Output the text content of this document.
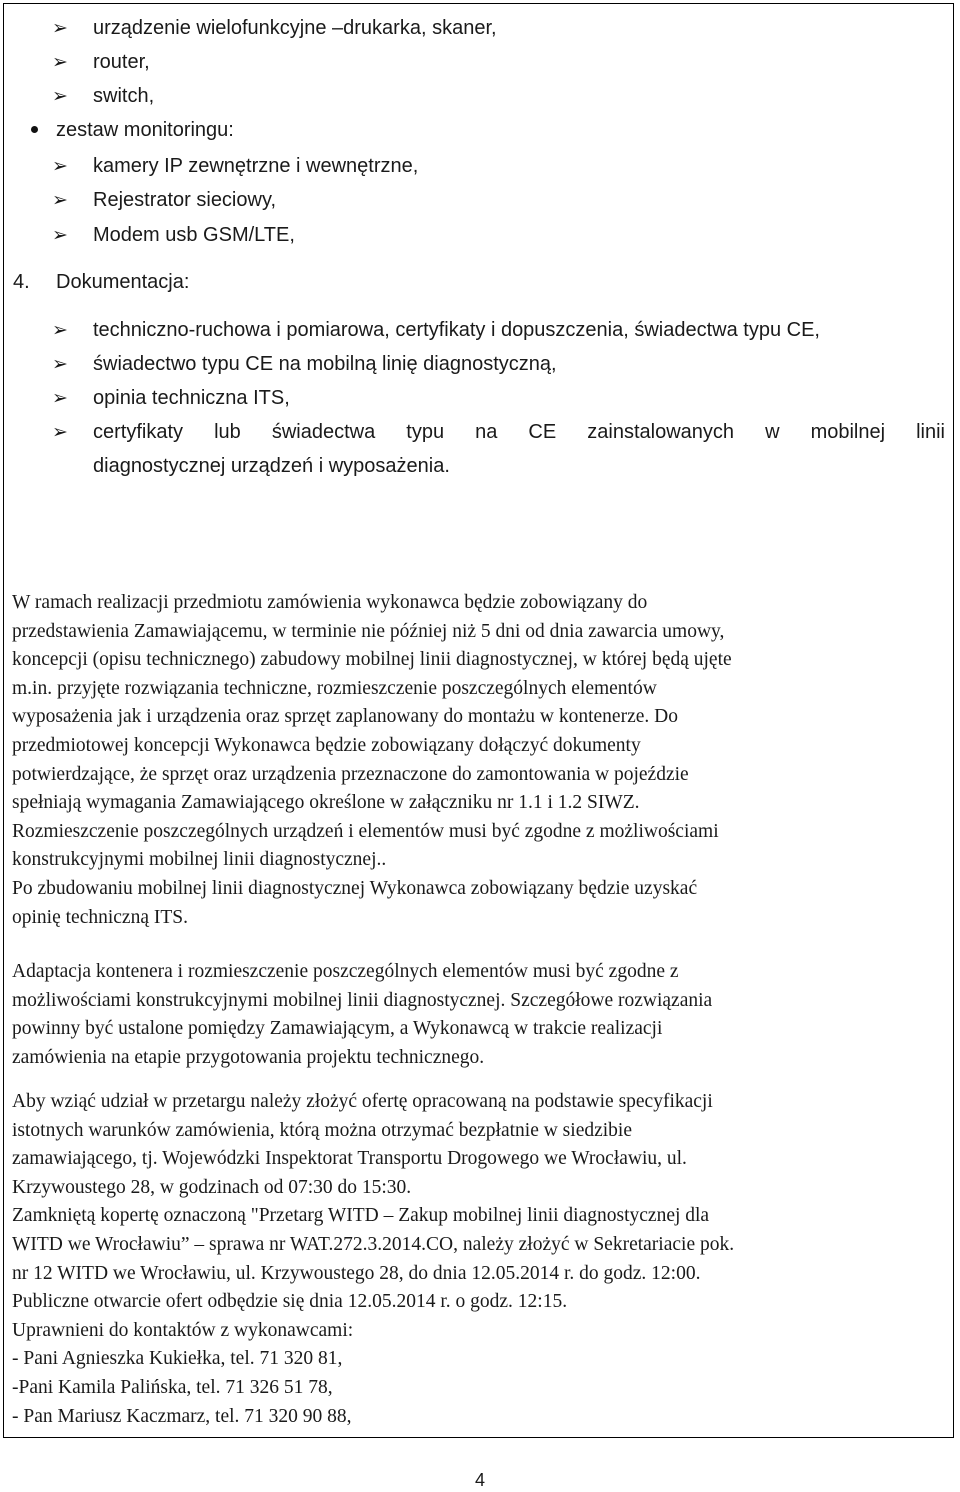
➢ urządzenie wielofunkcyjne –drukarka, skaner,
➢ router,
➢ switch,
zestaw monitoringu:
➢ kamery IP zewnętrzne i wewnętrzne,
➢ Rejestrator sieciowy,
➢ Modem usb GSM/LTE,
4. Dokumentacja:
➢ techniczno-ruchowa i pomiarowa, certyfikaty i dopuszczenia, świadectwa typu CE,
➢ świadectwo typu CE na mobilną linię diagnostyczną,
➢ opinia techniczna ITS,
➢ certyfikaty lub świadectwa typu na CE zainstalowanych w mobilnej linii
diagnostycznej urządzeń i wyposażenia.
W ramach realizacji przedmiotu zamówienia wykonawca będzie zobowiązany do
przedstawienia Zamawiającemu, w terminie nie później niż 5 dni od dnia zawarcia umowy,
koncepcji (opisu technicznego) zabudowy mobilnej linii diagnostycznej, w której będą ujęte
m.in. przyjęte rozwiązania techniczne, rozmieszczenie poszczególnych elementów
wyposażenia jak i urządzenia oraz sprzęt zaplanowany do montażu w kontenerze. Do
przedmiotowej koncepcji Wykonawca będzie zobowiązany dołączyć dokumenty
potwierdzające, że sprzęt oraz urządzenia przeznaczone do zamontowania w pojeździe
spełniają wymagania Zamawiającego określone w załączniku nr 1.1 i 1.2 SIWZ.
Rozmieszczenie poszczególnych urządzeń i elementów musi być zgodne z możliwościami
konstrukcyjnymi mobilnej linii diagnostycznej..
Po zbudowaniu mobilnej linii diagnostycznej Wykonawca zobowiązany będzie uzyskać
opinię techniczną ITS.
Adaptacja kontenera i rozmieszczenie poszczególnych elementów musi być zgodne z
możliwościami konstrukcyjnymi mobilnej linii diagnostycznej. Szczegółowe rozwiązania
powinny być ustalone pomiędzy Zamawiającym, a Wykonawcą w trakcie realizacji
zamówienia na etapie przygotowania projektu technicznego.
Aby wziąć udział w przetargu należy złożyć ofertę opracowaną na podstawie specyfikacji
istotnych warunków zamówienia, którą można otrzymać bezpłatnie w siedzibie
zamawiającego, tj. Wojewódzki Inspektorat Transportu Drogowego we Wrocławiu, ul.
Krzywoustego 28, w godzinach od 07:30 do 15:30.
Zamkniętą kopertę oznaczoną "Przetarg WITD – Zakup mobilnej linii diagnostycznej dla
WITD we Wrocławiu” – sprawa nr WAT.272.3.2014.CO, należy złożyć w Sekretariacie pok.
nr 12 WITD we Wrocławiu, ul. Krzywoustego 28, do dnia 12.05.2014 r. do godz. 12:00.
Publiczne otwarcie ofert odbędzie się dnia 12.05.2014 r. o godz. 12:15.
Uprawnieni do kontaktów z wykonawcami:
- Pani Agnieszka Kukiełka, tel. 71 320 81,
-Pani Kamila Palińska, tel. 71 326 51 78,
- Pan Mariusz Kaczmarz, tel. 71 320 90 88,
4
